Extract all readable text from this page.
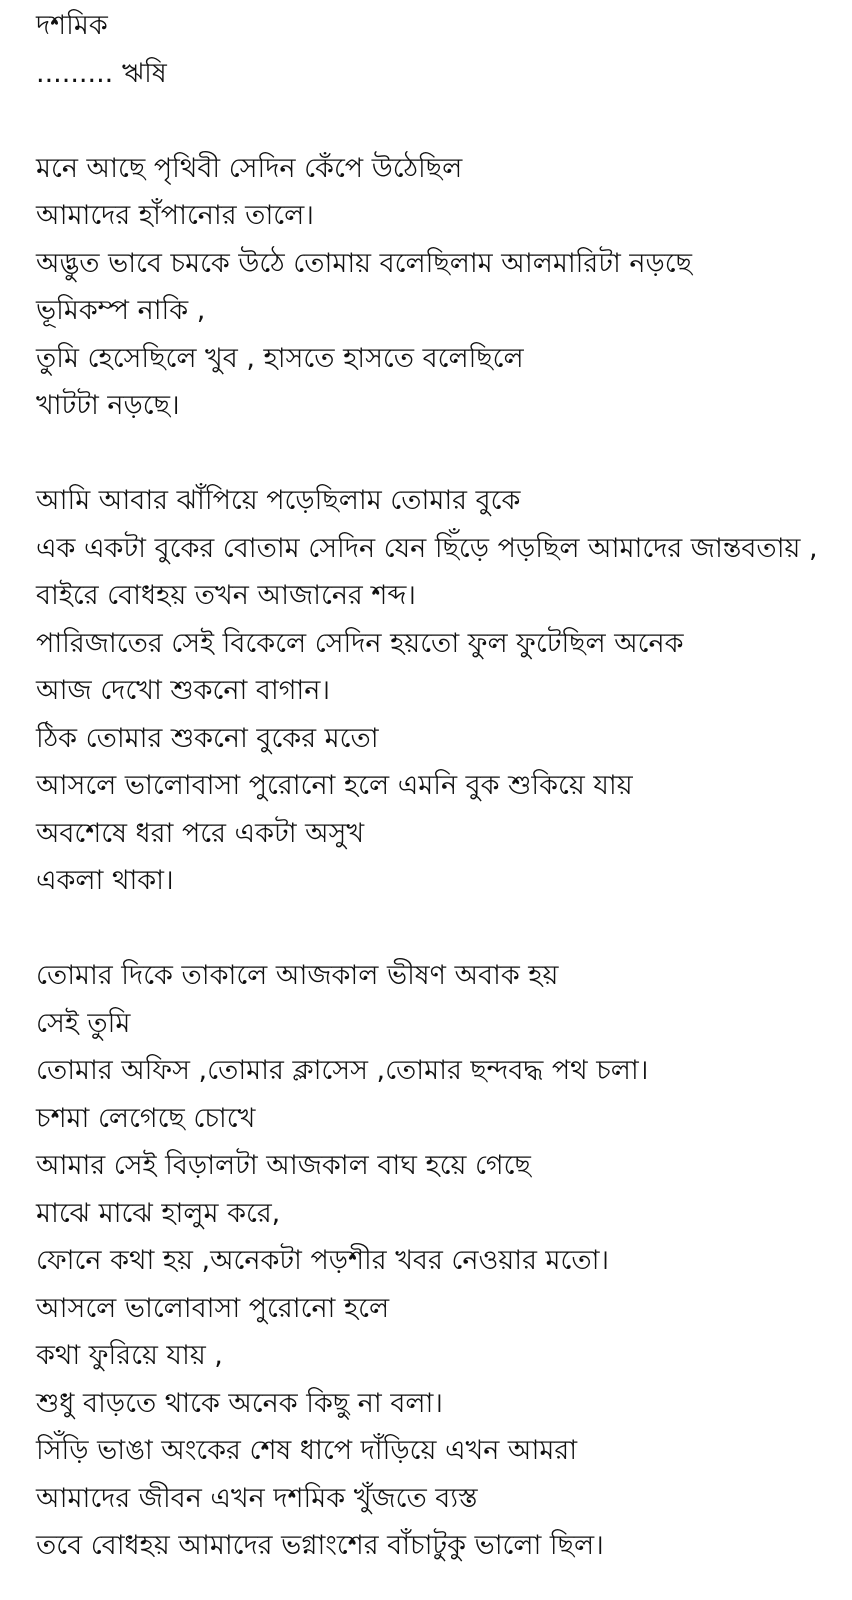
দশমিক
......... ঋষি
মনে আছে পৃথিবী সেদিন কেঁপে উঠেছিল
আমাদের হাঁপানোর তালে।
অদ্ভুত ভাবে চমকে উঠে তোমায় বলেছিলাম আলমারিটা নড়ছে
ভূমিকম্প নাকি ,
তুমি হেসেছিলে খুব , হাসতে হাসতে বলেছিলে
খাটটা নড়ছে।
আমি আবার ঝাঁপিয়ে পড়েছিলাম তোমার বুকে
এক একটা বুকের বোতাম সেদিন যেন ছিঁড়ে পড়ছিল আমাদের জান্তবতায় ,
বাইরে বোধহয় তখন আজানের শব্দ।
পারিজাতের সেই বিকেলে সেদিন হয়তো ফুল ফুটেছিল অনেক
আজ দেখো শুকনো বাগান।
ঠিক তোমার শুকনো বুকের মতো
আসলে ভালোবাসা পুরোনো হলে এমনি বুক শুকিয়ে যায়
অবশেষে ধরা পরে একটা অসুখ
একলা থাকা।
তোমার দিকে তাকালে আজকাল ভীষণ অবাক হয়
সেই তুমি
তোমার অফিস ,তোমার ক্লাসেস ,তোমার ছন্দবদ্ধ পথ চলা।
চশমা লেগেছে চোখে
আমার সেই বিড়ালটা আজকাল বাঘ হয়ে গেছে
মাঝে মাঝে হালুম করে,
ফোনে কথা হয় ,অনেকটা পড়শীর খবর নেওয়ার মতো।
আসলে ভালোবাসা পুরোনো হলে
কথা ফুরিয়ে যায় ,
শুধু বাড়তে থাকে অনেক কিছু না বলা।
সিঁড়ি ভাঙা অংকের শেষ ধাপে দাঁড়িয়ে এখন আমরা
আমাদের জীবন এখন দশমিক খুঁজতে ব্যস্ত
তবে বোধহয় আমাদের ভগ্নাংশের বাঁচাটুকু ভালো ছিল।
